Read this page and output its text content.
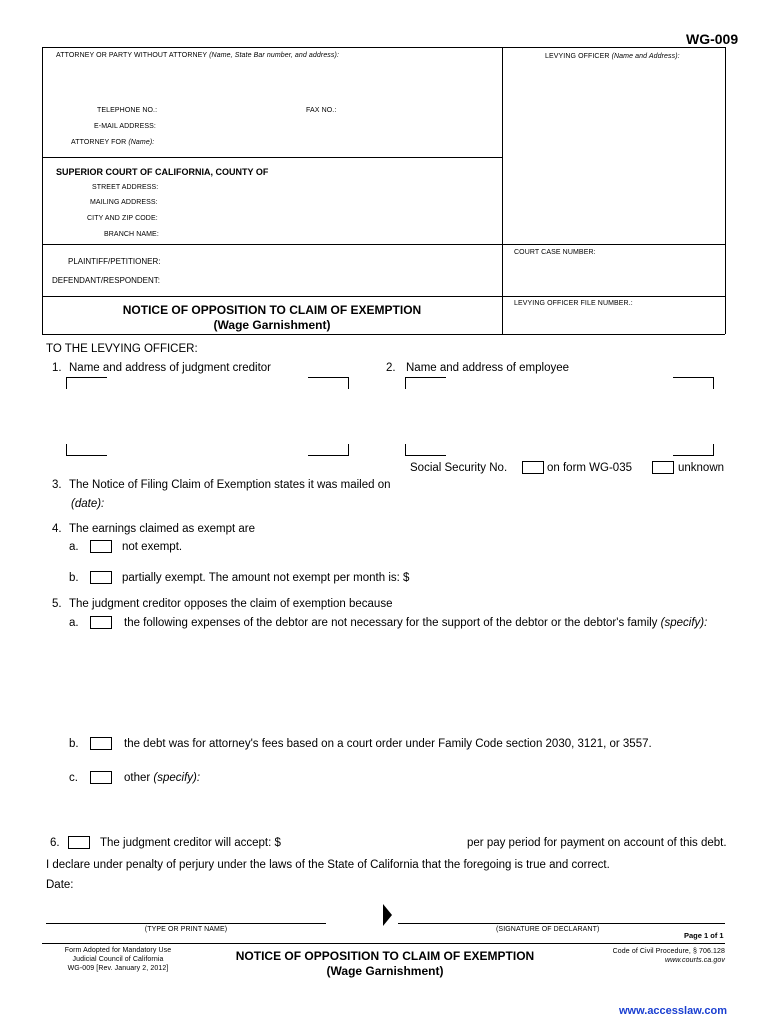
WG-009
ATTORNEY OR PARTY WITHOUT ATTORNEY (Name, State Bar number, and address):	LEVYING OFFICER (Name and Address):
TELEPHONE NO.:	FAX NO.:
E-MAIL ADDRESS:
ATTORNEY FOR (Name):
SUPERIOR COURT OF CALIFORNIA, COUNTY OF
STREET ADDRESS:
MAILING ADDRESS:
CITY AND ZIP CODE:
BRANCH NAME:
PLAINTIFF/PETITIONER:
DEFENDANT/RESPONDENT:
COURT CASE NUMBER:
LEVYING OFFICER FILE NUMBER.:
NOTICE OF OPPOSITION TO CLAIM OF EXEMPTION
(Wage Garnishment)
TO THE LEVYING OFFICER:
1. Name and address of judgment creditor	2. Name and address of employee
Social Security No.	on form WG-035	unknown
3. The Notice of Filing Claim of Exemption states it was mailed on
(date):
4. The earnings claimed as exempt are
a.	not exempt.
b.	partially exempt. The amount not exempt per month is: $
5. The judgment creditor opposes the claim of exemption because
a.	the following expenses of the debtor are not necessary for the support of the debtor or the debtor's family (specify):
b.	the debt was for attorney's fees based on a court order under Family Code section 2030, 3121, or 3557.
c.	other (specify):
6.	The judgment creditor will accept: $	per pay period for payment on account of this debt.
I declare under penalty of perjury under the laws of the State of California that the foregoing is true and correct.
Date:
(TYPE OR PRINT NAME)	(SIGNATURE OF DECLARANT)
Page 1 of 1
Form Adopted for Mandatory Use
Judicial Council of California
WG-009 [Rev. January 2, 2012]
NOTICE OF OPPOSITION TO CLAIM OF EXEMPTION
(Wage Garnishment)
Code of Civil Procedure, § 706.128
www.courts.ca.gov
www.accesslaw.com
